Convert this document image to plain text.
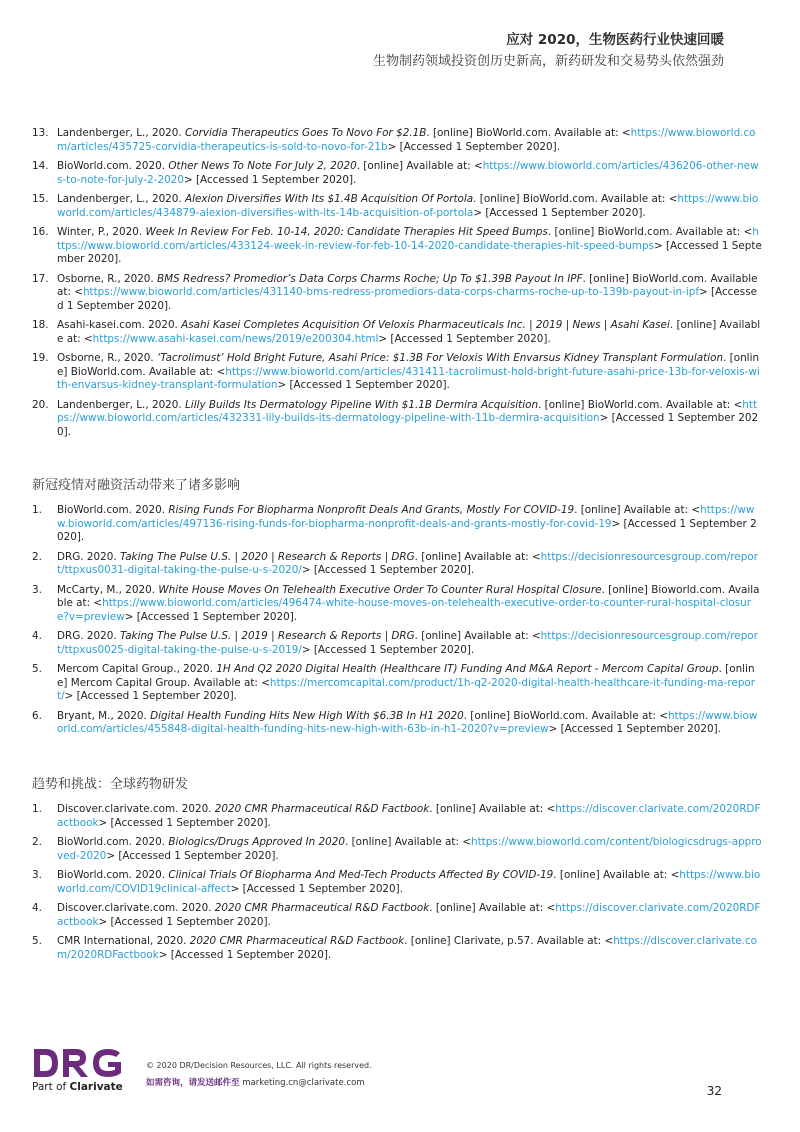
应对 2020，生物医药行业快速回暖
生物制药领域投资创历史新高，新药研发和交易势头依然强劲
13. Landenberger, L., 2020. Corvidia Therapeutics Goes To Novo For $2.1B. [online] BioWorld.com. Available at: <https://www.bioworld.com/articles/435725-corvidia-therapeutics-is-sold-to-novo-for-21b> [Accessed 1 September 2020].
14. BioWorld.com. 2020. Other News To Note For July 2, 2020. [online] Available at: <https://www.bioworld.com/articles/436206-other-news-to-note-for-july-2-2020> [Accessed 1 September 2020].
15. Landenberger, L., 2020. Alexion Diversifies With Its $1.4B Acquisition Of Portola. [online] BioWorld.com. Available at: <https://www.bioworld.com/articles/434879-alexion-diversifies-with-its-14b-acquisition-of-portola> [Accessed 1 September 2020].
16. Winter, P., 2020. Week In Review For Feb. 10-14, 2020: Candidate Therapies Hit Speed Bumps. [online] BioWorld.com. Available at: <https://www.bioworld.com/articles/433124-week-in-review-for-feb-10-14-2020-candidate-therapies-hit-speed-bumps> [Accessed 1 September 2020].
17. Osborne, R., 2020. BMS Redress? Promedior’s Data Corps Charms Roche; Up To $1.39B Payout In IPF. [online] BioWorld.com. Available at: <https://www.bioworld.com/articles/431140-bms-redress-promediors-data-corps-charms-roche-up-to-139b-payout-in-ipf> [Accessed 1 September 2020].
18. Asahi-kasei.com. 2020. Asahi Kasei Completes Acquisition Of Veloxis Pharmaceuticals Inc. | 2019 | News | Asahi Kasei. [online] Available at: <https://www.asahi-kasei.com/news/2019/e200304.html> [Accessed 1 September 2020].
19. Osborne, R., 2020. ‘Tacrolimust’ Hold Bright Future, Asahi Price: $1.3B For Veloxis With Envarsus Kidney Transplant Formulation. [online] BioWorld.com. Available at: <https://www.bioworld.com/articles/431411-tacrolimust-hold-bright-future-asahi-price-13b-for-veloxis-with-envarsus-kidney-transplant-formulation> [Accessed 1 September 2020].
20. Landenberger, L., 2020. Lilly Builds Its Dermatology Pipeline With $1.1B Dermira Acquisition. [online] BioWorld.com. Available at: <https://www.bioworld.com/articles/432331-lily-builds-its-dermatology-pipeline-with-11b-dermira-acquisition> [Accessed 1 September 2020].
新冠疫情对融资活动带来了诸多影响
1.	BioWorld.com. 2020. Rising Funds For Biopharma Nonprofit Deals And Grants, Mostly For COVID-19. [online] Available at: <https://www.bioworld.com/articles/497136-rising-funds-for-biopharma-nonprofit-deals-and-grants-mostly-for-covid-19> [Accessed 1 September 2020].
2.	DRG. 2020. Taking The Pulse U.S. | 2020 | Research & Reports | DRG. [online] Available at: <https://decisionresourcesgroup.com/report/ttpxus0031-digital-taking-the-pulse-u-s-2020/> [Accessed 1 September 2020].
3.	McCarty, M., 2020. White House Moves On Telehealth Executive Order To Counter Rural Hospital Closure. [online] Bioworld.com. Available at: <https://www.bioworld.com/articles/496474-white-house-moves-on-telehealth-executive-order-to-counter-rural-hospital-closure?v=preview> [Accessed 1 September 2020].
4.	DRG. 2020. Taking The Pulse U.S. | 2019 | Research & Reports | DRG. [online] Available at: <https://decisionresourcesgroup.com/report/ttpxus0025-digital-taking-the-pulse-u-s-2019/> [Accessed 1 September 2020].
5.	Mercom Capital Group., 2020. 1H And Q2 2020 Digital Health (Healthcare IT) Funding And M&A Report - Mercom Capital Group. [online] Mercom Capital Group. Available at: <https://mercomcapital.com/product/1h-q2-2020-digital-health-healthcare-it-funding-ma-report/> [Accessed 1 September 2020].
6.	Bryant, M., 2020. Digital Health Funding Hits New High With $6.3B In H1 2020. [online] BioWorld.com. Available at: <https://www.bioworld.com/articles/455848-digital-health-funding-hits-new-high-with-63b-in-h1-2020?v=preview> [Accessed 1 September 2020].
趋势和挑战：全球药物研发
1.	Discover.clarivate.com. 2020. 2020 CMR Pharmaceutical R&D Factbook. [online] Available at: <https://discover.clarivate.com/2020RDFactbook> [Accessed 1 September 2020].
2.	BioWorld.com. 2020. Biologics/Drugs Approved In 2020. [online] Available at: <https://www.bioworld.com/content/biologicsdrugs-approved-2020> [Accessed 1 September 2020].
3.	BioWorld.com. 2020. Clinical Trials Of Biopharma And Med-Tech Products Affected By COVID-19. [online] Available at: <https://www.bioworld.com/COVID19clinical-affect> [Accessed 1 September 2020].
4.	Discover.clarivate.com. 2020. 2020 CMR Pharmaceutical R&D Factbook. [online] Available at: <https://discover.clarivate.com/2020RDFactbook> [Accessed 1 September 2020].
5.	CMR International, 2020. 2020 CMR Pharmaceutical R&D Factbook. [online] Clarivate, p.57. Available at: <https://discover.clarivate.com/2020RDFactbook> [Accessed 1 September 2020].
Part of Clarivate
© 2020 DR/Decision Resources, LLC. All rights reserved.
如需咨询，请发送邮件至 marketing.cn@clarivate.com
32
